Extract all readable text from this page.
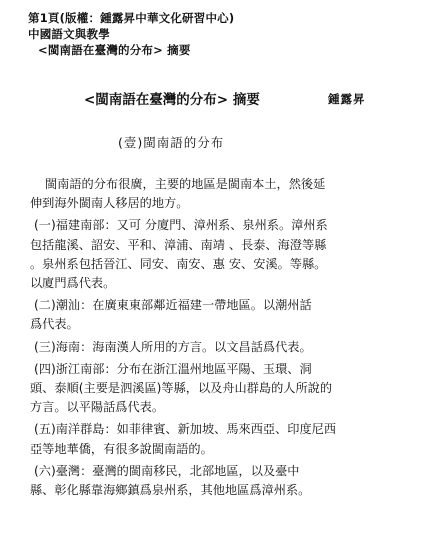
第1頁(版權：鍾露昇中華文化研習中心)
中國語文與教學
<閩南語在臺灣的分布> 摘要
<閩南語在臺灣的分布> 摘要	鍾露昇
(壹)閩南語的分布
閩南語的分布很廣，主要的地區是閩南本土，然後延
伸到海外閩南人移居的地方。
(一)福建南部：又可 分廈門、漳州系、泉州系。漳州系
包括龍溪、詔安、平和、漳浦、南靖 、長泰、海澄等縣
。泉州系包括晉江、同安、南安、惠 安、安溪。等縣。
以廈門爲代表。
(二)潮汕：在廣東東部鄰近福建一帶地區。以潮州話
爲代表。
(三)海南：海南漢人所用的方言。以文昌話爲代表。
(四)浙江南部：分布在浙江溫州地區平陽、玉環、洞
頭、泰順(主要是泗溪區)等縣，以及舟山群島的人所說的
方言。以平陽話爲代表。
(五)南洋群島：如菲律賓、新加坡、馬來西亞、印度尼西
亞等地華僑，有很多說閩南語的。
(六)臺灣：臺灣的閩南移民，北部地區，以及臺中
縣、彰化縣靠海鄉鎮爲泉州系，其他地區爲漳州系。
